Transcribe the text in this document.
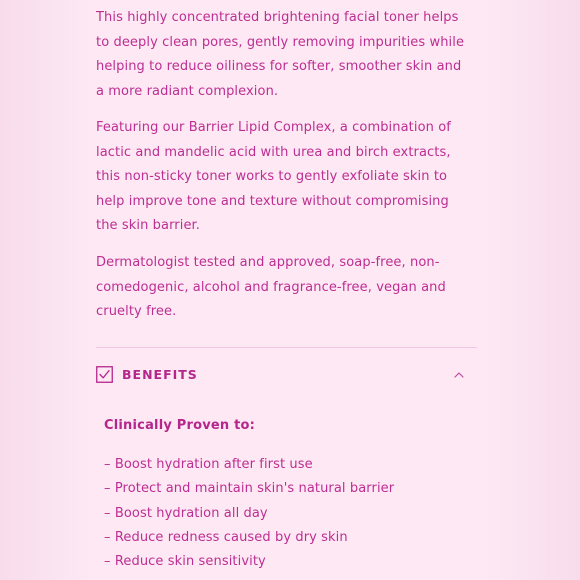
This highly concentrated brightening facial toner helps
to deeply clean pores, gently removing impurities while
helping to reduce oiliness for softer, smoother skin and
a more radiant complexion.

Featuring our Barrier Lipid Complex, a combination of
lactic and mandelic acid with urea and birch extracts,
this non-sticky toner works to gently exfoliate skin to
help improve tone and texture without compromising
the skin barrier.

Dermatologist tested and approved, soap-free, non-
comedogenic, alcohol and fragrance-free, vegan and
cruelty free.

BENEFITS

Clinically Proven to:

– Boost hydration after first use
– Protect and maintain skin's natural barrier
– Boost hydration all day
– Reduce redness caused by dry skin
– Reduce skin sensitivity
